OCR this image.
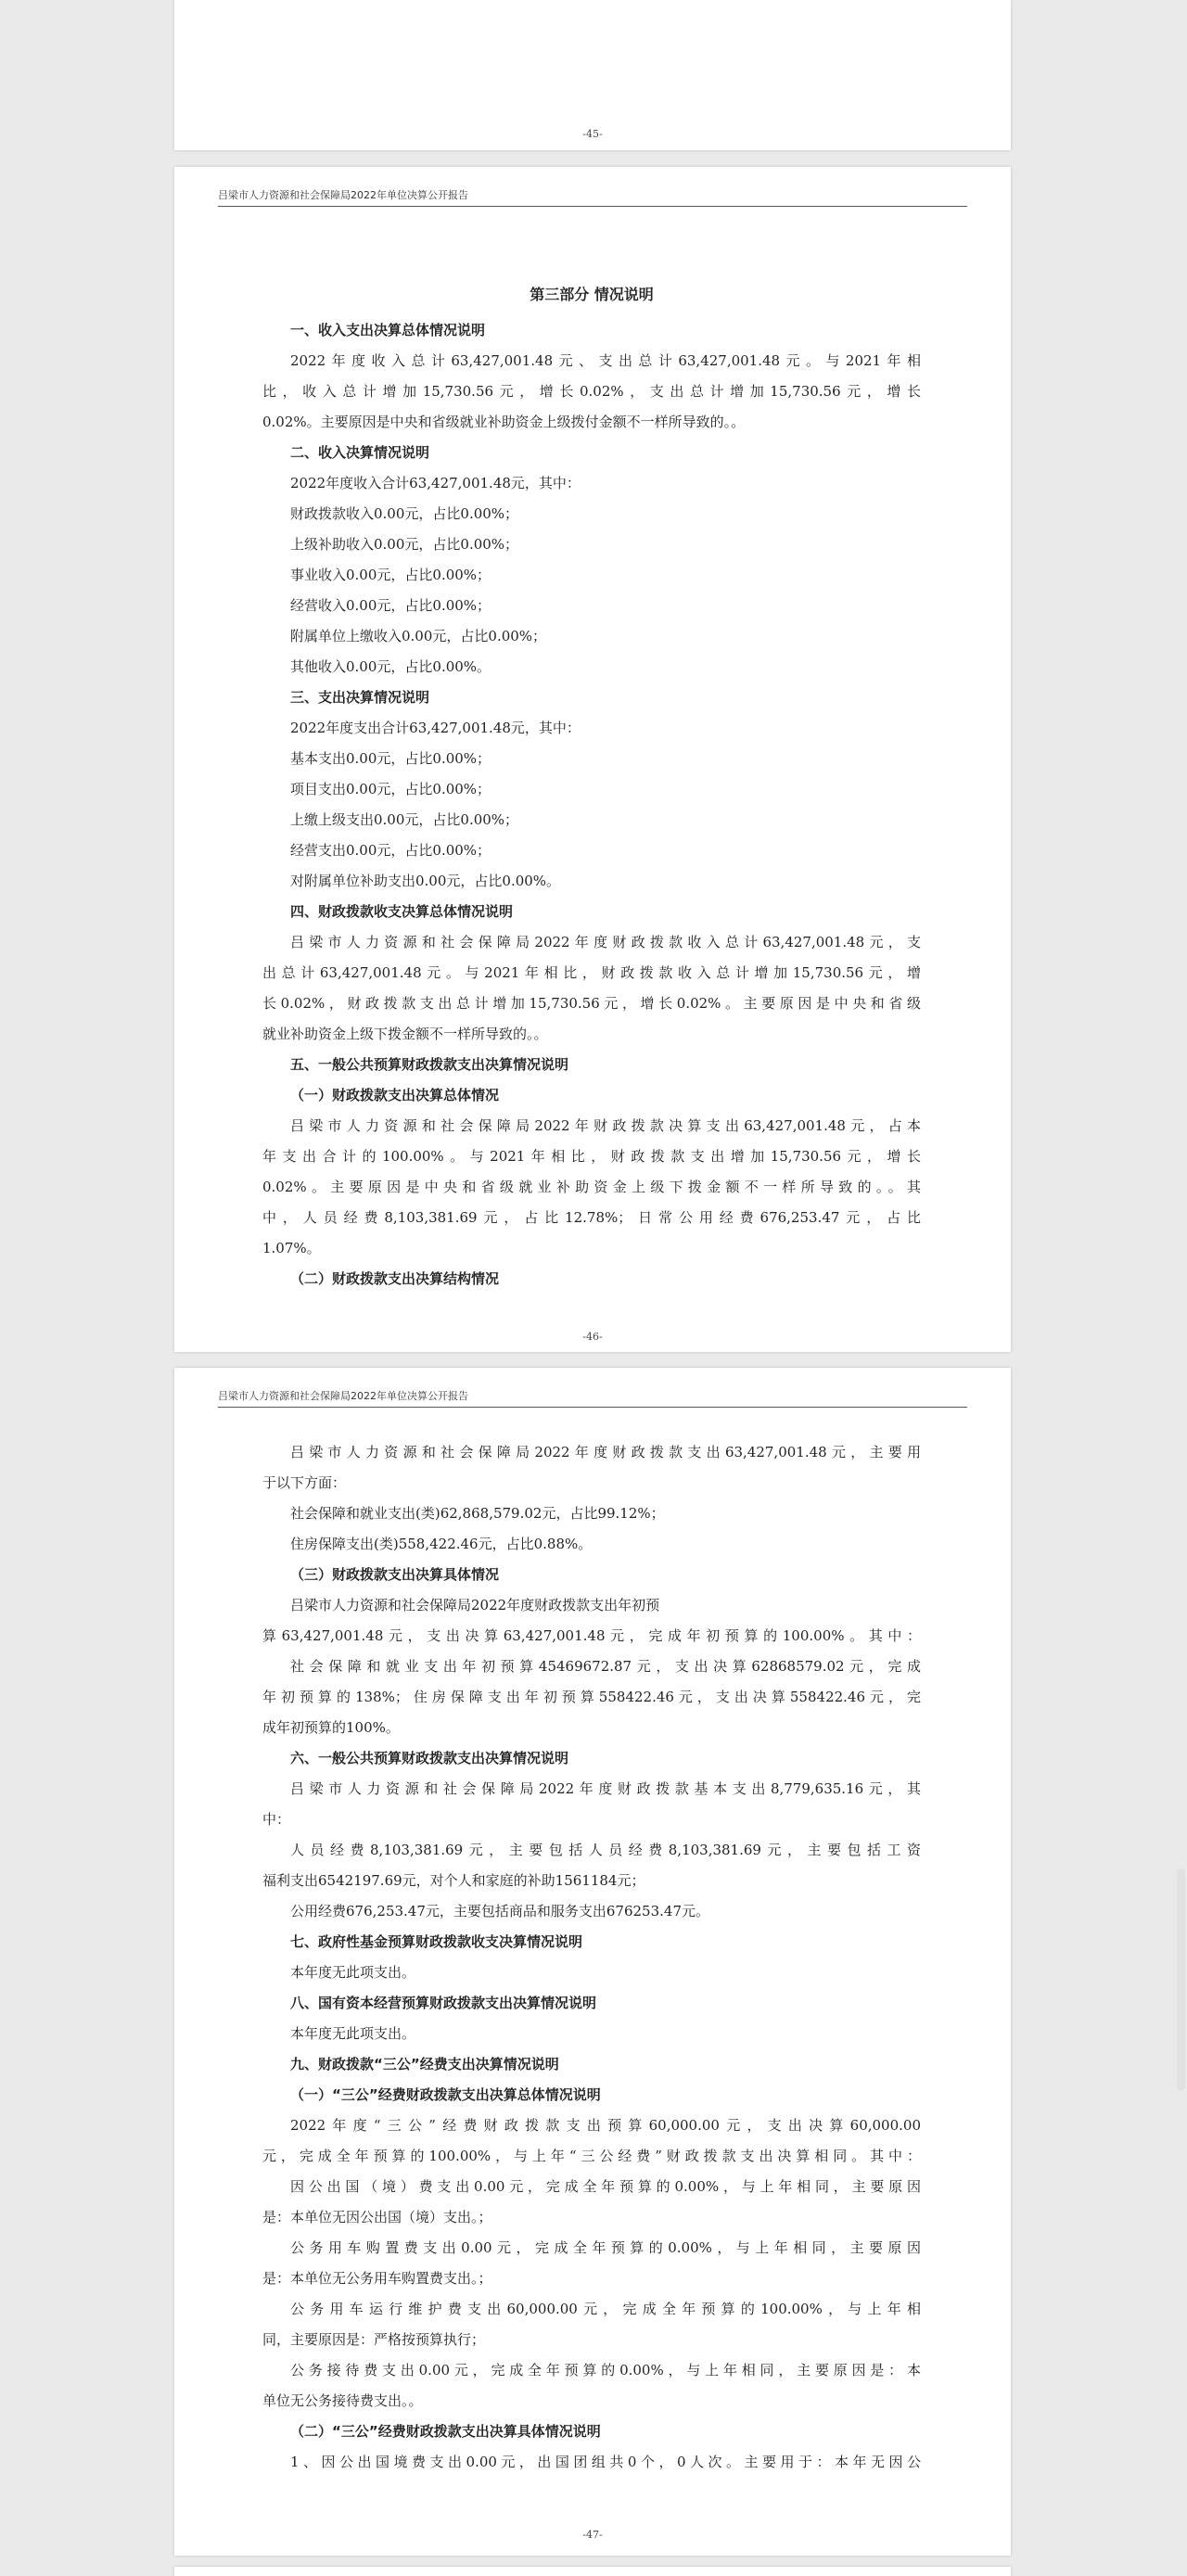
-45-
吕梁市人力资源和社会保障局2022年单位决算公开报告
第三部分 情况说明
一、收入支出决算总体情况说明
2022年度收入总计63,427,001.48元、支出总计63,427,001.48元。与2021年相
比，收入总计增加15,730.56元，增长0.02%，支出总计增加15,730.56元，增长
0.02%。主要原因是中央和省级就业补助资金上级拨付金额不一样所导致的。。
二、收入决算情况说明
2022年度收入合计63,427,001.48元，其中：
财政拨款收入0.00元，占比0.00%；
上级补助收入0.00元，占比0.00%；
事业收入0.00元，占比0.00%；
经营收入0.00元，占比0.00%；
附属单位上缴收入0.00元，占比0.00%；
其他收入0.00元，占比0.00%。
三、支出决算情况说明
2022年度支出合计63,427,001.48元，其中：
基本支出0.00元，占比0.00%；
项目支出0.00元，占比0.00%；
上缴上级支出0.00元，占比0.00%；
经营支出0.00元，占比0.00%；
对附属单位补助支出0.00元，占比0.00%。
四、财政拨款收支决算总体情况说明
吕梁市人力资源和社会保障局2022年度财政拨款收入总计63,427,001.48元，支
出总计63,427,001.48元。与2021年相比，财政拨款收入总计增加15,730.56元，增
长0.02%，财政拨款支出总计增加15,730.56元，增长0.02%。主要原因是中央和省级
就业补助资金上级下拨金额不一样所导致的。。
五、一般公共预算财政拨款支出决算情况说明
（一）财政拨款支出决算总体情况
吕梁市人力资源和社会保障局2022年财政拨款决算支出63,427,001.48元，占本
年支出合计的100.00%。与2021年相比，财政拨款支出增加15,730.56元，增长
0.02%。主要原因是中央和省级就业补助资金上级下拨金额不一样所导致的。。其
中，人员经费8,103,381.69元，占比12.78%；日常公用经费676,253.47元，占比
1.07%。
（二）财政拨款支出决算结构情况
-46-
吕梁市人力资源和社会保障局2022年单位决算公开报告
吕梁市人力资源和社会保障局2022年度财政拨款支出63,427,001.48元，主要用
于以下方面：
社会保障和就业支出(类)62,868,579.02元，占比99.12%；
住房保障支出(类)558,422.46元，占比0.88%。
（三）财政拨款支出决算具体情况
吕梁市人力资源和社会保障局2022年度财政拨款支出年初预
算63,427,001.48元，支出决算63,427,001.48元，完成年初预算的100.00%。其中：
社会保障和就业支出年初预算45469672.87元，支出决算62868579.02元，完成
年初预算的138%；住房保障支出年初预算558422.46元，支出决算558422.46元，完
成年初预算的100%。
六、一般公共预算财政拨款支出决算情况说明
吕梁市人力资源和社会保障局2022年度财政拨款基本支出8,779,635.16元，其
中：
人员经费8,103,381.69元，主要包括人员经费8,103,381.69元，主要包括工资
福利支出6542197.69元，对个人和家庭的补助1561184元；
公用经费676,253.47元，主要包括商品和服务支出676253.47元。
七、政府性基金预算财政拨款收支决算情况说明
本年度无此项支出。
八、国有资本经营预算财政拨款支出决算情况说明
本年度无此项支出。
九、财政拨款“三公”经费支出决算情况说明
（一）“三公”经费财政拨款支出决算总体情况说明
2022年度“三公”经费财政拨款支出预算60,000.00元，支出决算60,000.00
元，完成全年预算的100.00%，与上年“三公经费”财政拨款支出决算相同。其中：
因公出国（境）费支出0.00元，完成全年预算的0.00%，与上年相同，主要原因
是：本单位无因公出国（境）支出。；
公务用车购置费支出0.00元，完成全年预算的0.00%，与上年相同，主要原因
是：本单位无公务用车购置费支出。；
公务用车运行维护费支出60,000.00元，完成全年预算的100.00%，与上年相
同，主要原因是：严格按预算执行；
公务接待费支出0.00元，完成全年预算的0.00%，与上年相同，主要原因是：本
单位无公务接待费支出。。
（二）“三公”经费财政拨款支出决算具体情况说明
1、因公出国境费支出0.00元，出国团组共0个，0人次。主要用于：本年无因公
-47-
